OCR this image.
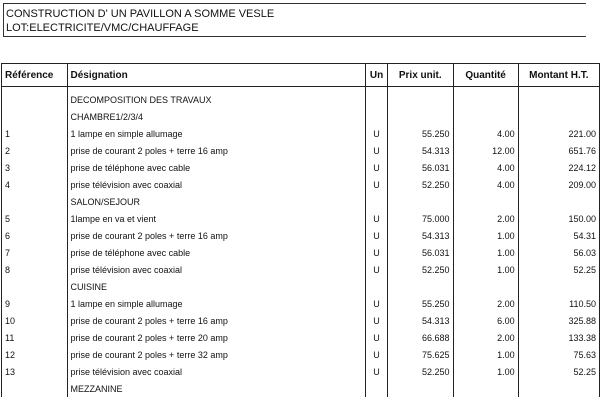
CONSTRUCTION D' UN PAVILLON A SOMME VESLE
LOT:ELECTRICITE/VMC/CHAUFFAGE
Référence	Désignation	Un	Prix unit.	Quantité	Montant H.T.

	DECOMPOSITION DES TRAVAUX				
	CHAMBRE1/2/3/4				
1	1 lampe en simple allumage	U	55.250	4.00	221.00
2	prise de courant 2 poles + terre 16 amp	U	54.313	12.00	651.76
3	prise de téléphone avec cable	U	56.031	4.00	224.12
4	prise télévision avec coaxial	U	52.250	4.00	209.00
	SALON/SEJOUR				
5	1lampe en va et vient	U	75.000	2.00	150.00
6	prise de courant 2 poles + terre 16 amp	U	54.313	1.00	54.31
7	prise de téléphone avec cable	U	56.031	1.00	56.03
8	prise télévision avec coaxial	U	52.250	1.00	52.25
	CUISINE				
9	1 lampe en simple allumage	U	55.250	2.00	110.50
10	prise de courant 2 poles + terre 16 amp	U	54.313	6.00	325.88
11	prise de courant 2 poles + terre 20 amp	U	66.688	2.00	133.38
12	prise de courant 2 poles + terre 32 amp	U	75.625	1.00	75.63
13	prise télévision avec coaxial	U	52.250	1.00	52.25
	MEZZANINE				
